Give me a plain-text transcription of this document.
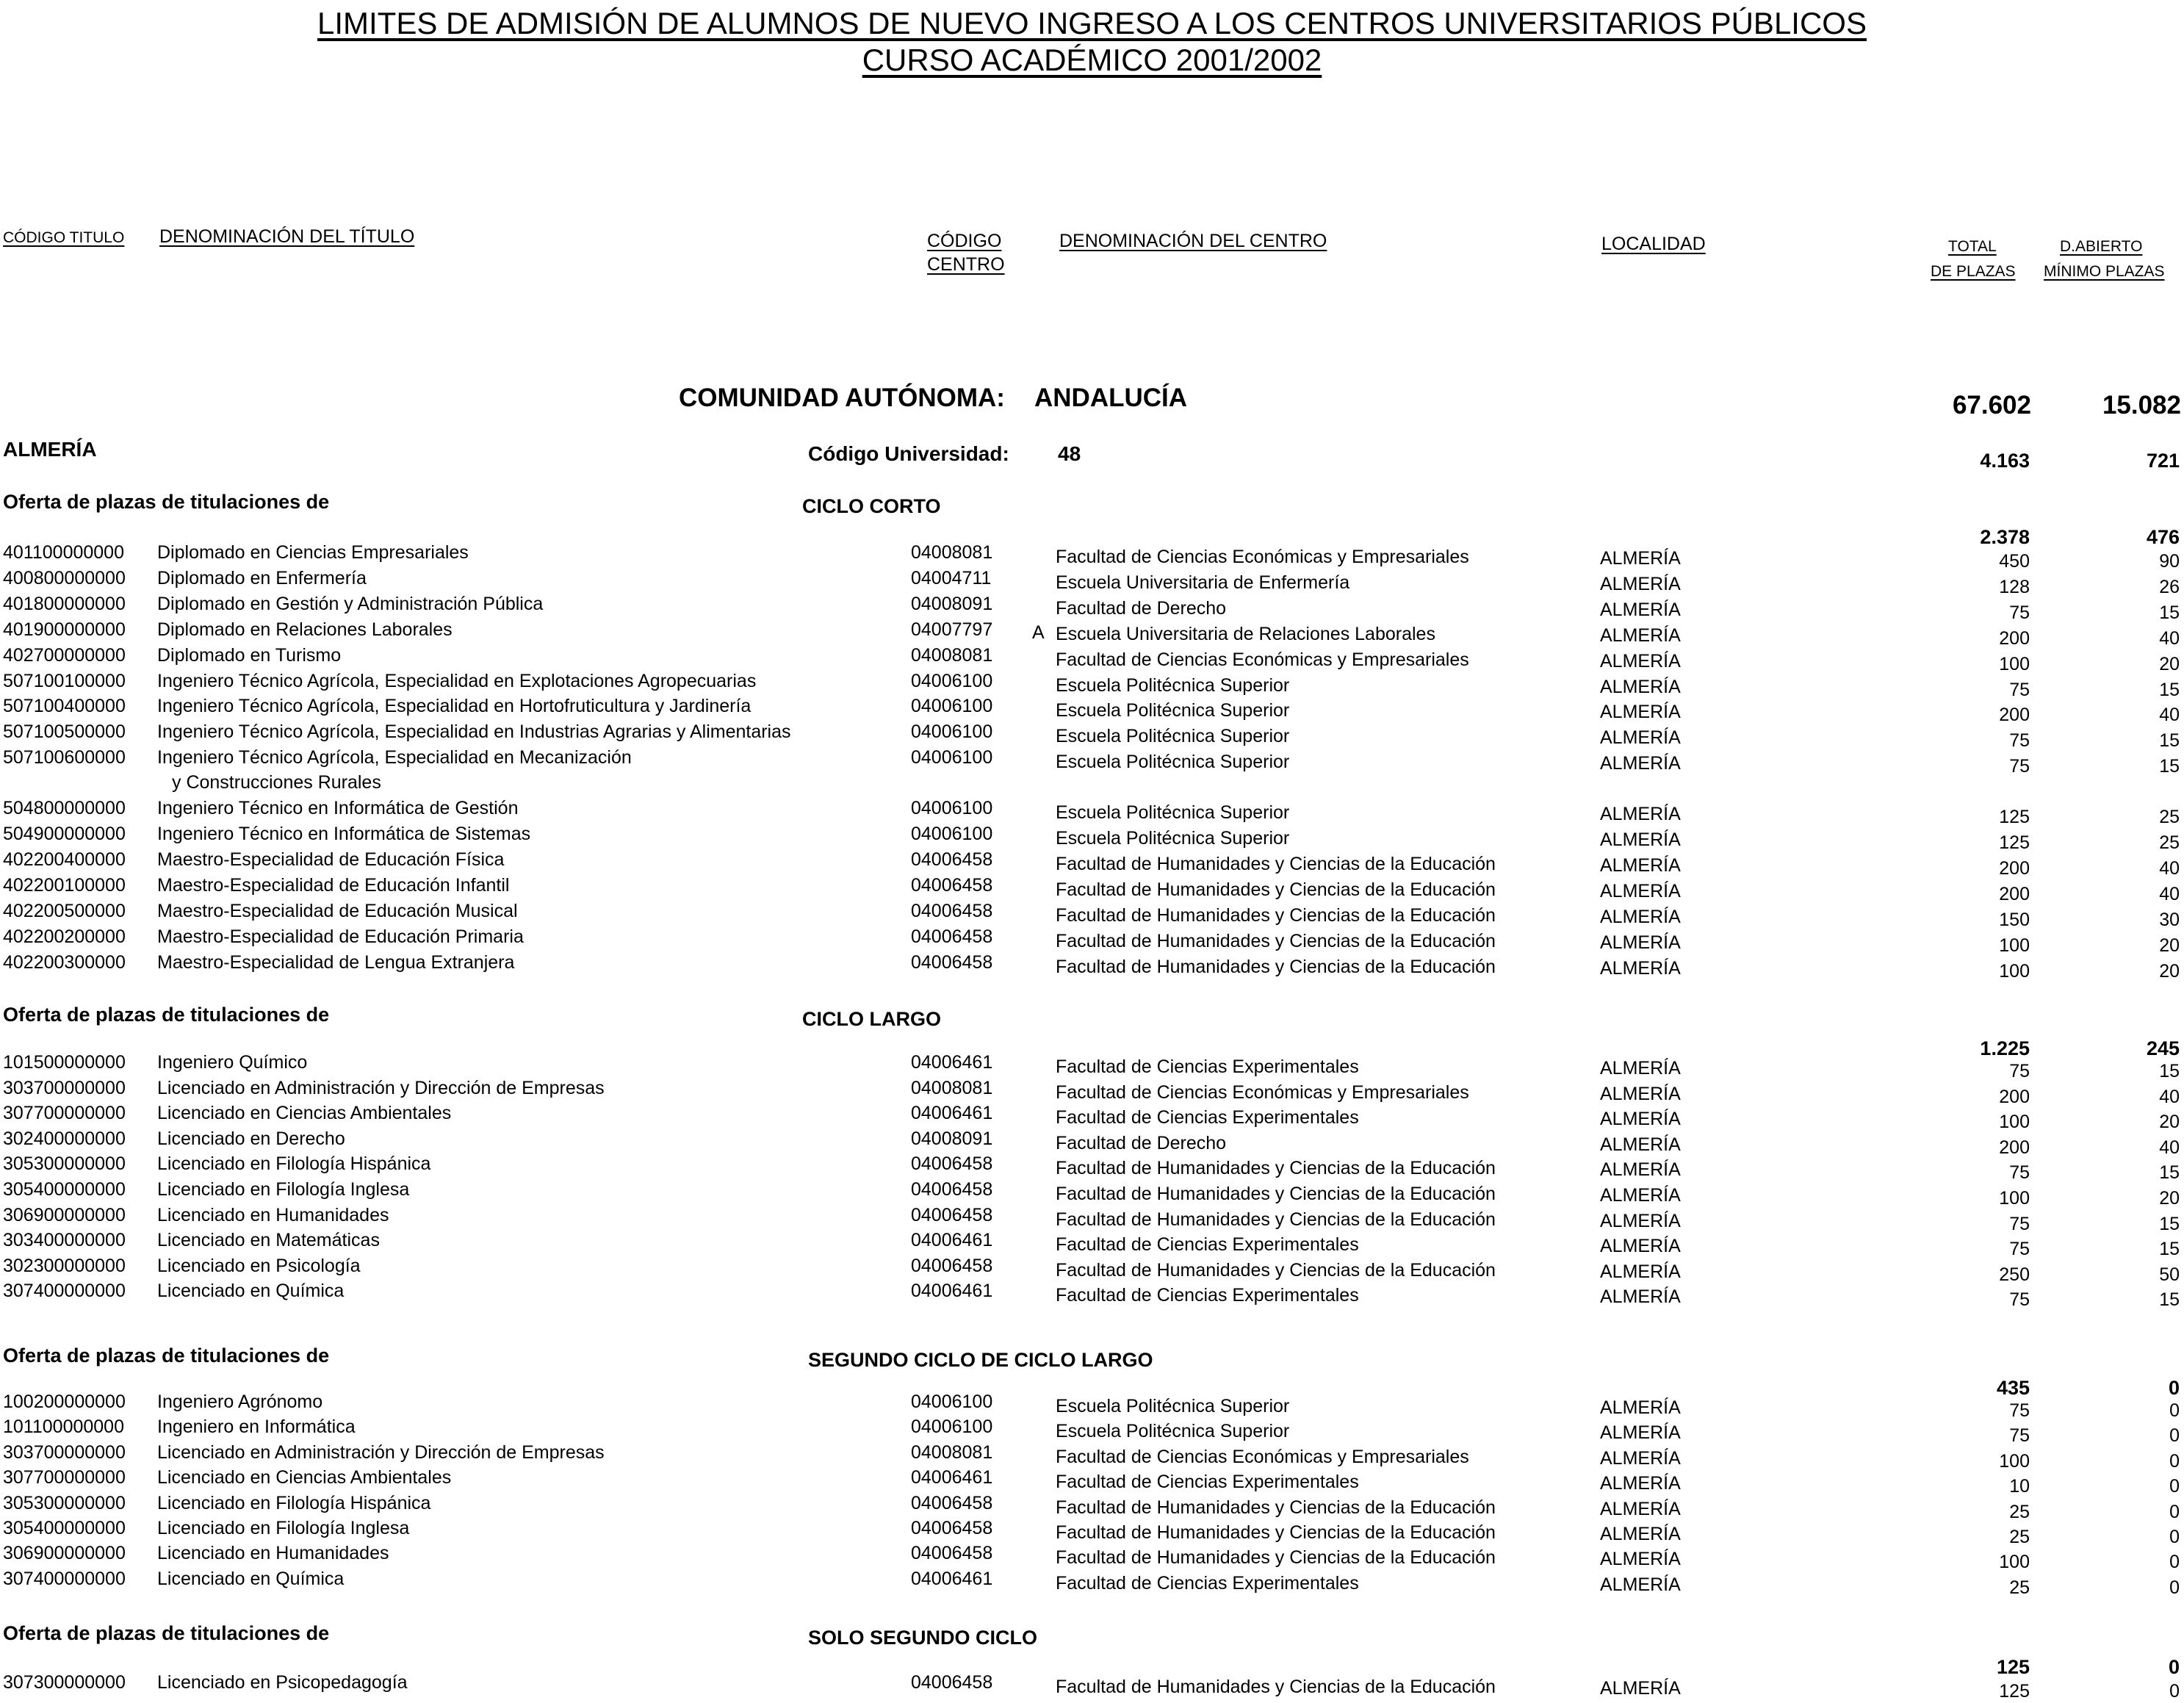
LIMITES DE ADMISIÓN DE ALUMNOS DE NUEVO INGRESO A LOS CENTROS UNIVERSITARIOS PÚBLICOS
CURSO ACADÉMICO 2001/2002
CÓDIGO TITULO DENOMINACIÓN DEL TÍTULO	CÓDIGO
CENTRO
DENOMINACIÓN DEL CENTRO	LOCALIDAD	TOTAL
DE PLAZAS
D.ABIERTO
MÍNIMO PLAZAS
COMUNIDAD AUTÓNOMA: ANDALUCÍA	67.602	15.082
ALMERÍA	Código Universidad: 48	4.163	721
Oferta de plazas de titulaciones de	CICLO CORTO
2.378	476
401100000000 Diplomado en Ciencias Empresariales	04008081	Facultad de Ciencias Económicas y Empresariales	ALMERÍA	450	90
400800000000 Diplomado en Enfermería	04004711	Escuela Universitaria de Enfermería	ALMERÍA	128	26
401800000000 Diplomado en Gestión y Administración Pública	04008091	Facultad de Derecho	ALMERÍA	75	15
401900000000 Diplomado en Relaciones Laborales	04007797 A Escuela Universitaria de Relaciones Laborales	ALMERÍA	200	40
402700000000 Diplomado en Turismo	04008081	Facultad de Ciencias Económicas y Empresariales	ALMERÍA	100	20
507100100000 Ingeniero Técnico Agrícola, Especialidad en Explotaciones Agropecuarias	04006100	Escuela Politécnica Superior	ALMERÍA	75	15
507100400000 Ingeniero Técnico Agrícola, Especialidad en Hortofruticultura y Jardinería	04006100	Escuela Politécnica Superior	ALMERÍA	200	40
507100500000 Ingeniero Técnico Agrícola, Especialidad en Industrias Agrarias y Alimentarias	04006100	Escuela Politécnica Superior	ALMERÍA	75	15
507100600000 Ingeniero Técnico Agrícola, Especialidad en Mecanización
y Construcciones Rurales
04006100	Escuela Politécnica Superior	ALMERÍA	75	15
504800000000 Ingeniero Técnico en Informática de Gestión	04006100	Escuela Politécnica Superior	ALMERÍA	125	25
504900000000 Ingeniero Técnico en Informática de Sistemas	04006100	Escuela Politécnica Superior	ALMERÍA	125	25
402200400000 Maestro-Especialidad de Educación Física	04006458	Facultad de Humanidades y Ciencias de la Educación	ALMERÍA	200	40
402200100000 Maestro-Especialidad de Educación Infantil	04006458	Facultad de Humanidades y Ciencias de la Educación	ALMERÍA	200	40
402200500000 Maestro-Especialidad de Educación Musical	04006458	Facultad de Humanidades y Ciencias de la Educación	ALMERÍA	150	30
402200200000 Maestro-Especialidad de Educación Primaria	04006458	Facultad de Humanidades y Ciencias de la Educación	ALMERÍA	100	20
402200300000 Maestro-Especialidad de Lengua Extranjera	04006458	Facultad de Humanidades y Ciencias de la Educación	ALMERÍA	100	20
Oferta de plazas de titulaciones de	CICLO LARGO
1.225	245
101500000000 Ingeniero Químico	04006461	Facultad de Ciencias Experimentales	ALMERÍA	75	15
303700000000 Licenciado en Administración y Dirección de Empresas	04008081	Facultad de Ciencias Económicas y Empresariales	ALMERÍA	200	40
307700000000 Licenciado en Ciencias Ambientales	04006461	Facultad de Ciencias Experimentales	ALMERÍA	100	20
302400000000 Licenciado en Derecho	04008091	Facultad de Derecho	ALMERÍA	200	40
305300000000 Licenciado en Filología Hispánica	04006458	Facultad de Humanidades y Ciencias de la Educación	ALMERÍA	75	15
305400000000 Licenciado en Filología Inglesa	04006458	Facultad de Humanidades y Ciencias de la Educación	ALMERÍA	100	20
306900000000 Licenciado en Humanidades	04006458	Facultad de Humanidades y Ciencias de la Educación	ALMERÍA	75	15
303400000000 Licenciado en Matemáticas	04006461	Facultad de Ciencias Experimentales	ALMERÍA	75	15
302300000000 Licenciado en Psicología	04006458	Facultad de Humanidades y Ciencias de la Educación	ALMERÍA	250	50
307400000000 Licenciado en Química	04006461	Facultad de Ciencias Experimentales	ALMERÍA	75	15
Oferta de plazas de titulaciones de	SEGUNDO CICLO DE CICLO LARGO
435	0
100200000000 Ingeniero Agrónomo	04006100	Escuela Politécnica Superior	ALMERÍA	75	0
101100000000 Ingeniero en Informática	04006100	Escuela Politécnica Superior	ALMERÍA	75	0
303700000000 Licenciado en Administración y Dirección de Empresas	04008081	Facultad de Ciencias Económicas y Empresariales	ALMERÍA	100	0
307700000000 Licenciado en Ciencias Ambientales	04006461	Facultad de Ciencias Experimentales	ALMERÍA	10	0
305300000000 Licenciado en Filología Hispánica	04006458	Facultad de Humanidades y Ciencias de la Educación	ALMERÍA	25	0
305400000000 Licenciado en Filología Inglesa	04006458	Facultad de Humanidades y Ciencias de la Educación	ALMERÍA	25	0
306900000000 Licenciado en Humanidades	04006458	Facultad de Humanidades y Ciencias de la Educación	ALMERÍA	100	0
307400000000 Licenciado en Química	04006461	Facultad de Ciencias Experimentales	ALMERÍA	25	0
Oferta de plazas de titulaciones de	SOLO SEGUNDO CICLO
125	0
307300000000 Licenciado en Psicopedagogía	04006458	Facultad de Humanidades y Ciencias de la Educación	ALMERÍA	125	0
